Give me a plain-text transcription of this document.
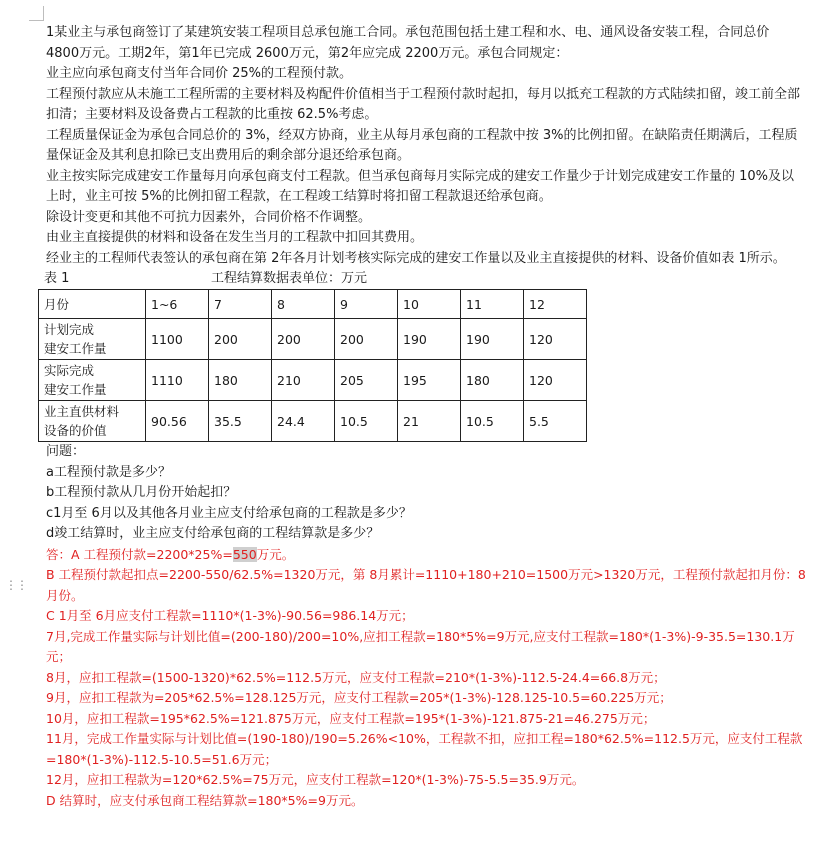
⋮⋮
1某业主与承包商签订了某建筑安装工程项目总承包施工合同。承包范围包括土建工程和水、电、通风设备安装工程，合同总价 4800万元。工期2年，第1年已完成 2600万元，第2年应完成 2200万元。承包合同规定：
业主应向承包商支付当年合同价 25%的工程预付款。
工程预付款应从未施工工程所需的主要材料及构配件价值相当于工程预付款时起扣，每月以抵充工程款的方式陆续扣留，竣工前全部扣清；主要材料及设备费占工程款的比重按 62.5%考虑。
工程质量保证金为承包合同总价的 3%，经双方协商，业主从每月承包商的工程款中按 3%的比例扣留。在缺陷责任期满后，工程质量保证金及其利息扣除已支出费用后的剩余部分退还给承包商。
业主按实际完成建安工作量每月向承包商支付工程款。但当承包商每月实际完成的建安工作量少于计划完成建安工作量的 10%及以上时，业主可按 5%的比例扣留工程款，在工程竣工结算时将扣留工程款退还给承包商。
除设计变更和其他不可抗力因素外，合同价格不作调整。
由业主直接提供的材料和设备在发生当月的工程款中扣回其费用。
经业主的工程师代表签认的承包商在第 2年各月计划考核实际完成的建安工作量以及业主直接提供的材料、设备价值如表 1所示。
表 1	工程结算数据表单位：万元
月份	1~6	7	8	9	10	11	12

计划完成
建安工作量	1100	200	200	200	190	190	120

实际完成
建安工作量	1110	180	210	205	195	180	120

业主直供材料
设备的价值	90.56	35.5	24.4	10.5	21	10.5	5.5
问题：
a工程预付款是多少？
b工程预付款从几月份开始起扣？
c1月至 6月以及其他各月业主应支付给承包商的工程款是多少？
d竣工结算时，业主应支付给承包商的工程结算款是多少？
答：A 工程预付款=2200*25%=550万元。
B 工程预付款起扣点=2200-550/62.5%=1320万元，第 8月累计=1110+180+210=1500万元>1320万元，工程预付款起扣月份：8月份。
C 1月至 6月应支付工程款=1110*(1-3%)-90.56=986.14万元；
7月,完成工作量实际与计划比值=(200-180)/200=10%,应扣工程款=180*5%=9万元,应支付工程款=180*(1-3%)-9-35.5=130.1万元；
8月，应扣工程款=(1500-1320)*62.5%=112.5万元，应支付工程款=210*(1-3%)-112.5-24.4=66.8万元；
9月，应扣工程款为=205*62.5%=128.125万元，应支付工程款=205*(1-3%)-128.125-10.5=60.225万元；
10月，应扣工程款=195*62.5%=121.875万元，应支付工程款=195*(1-3%)-121.875-21=46.275万元；
11月，完成工作量实际与计划比值=(190-180)/190=5.26%<10%，工程款不扣，应扣工程=180*62.5%=112.5万元，应支付工程款=180*(1-3%)-112.5-10.5=51.6万元；
12月，应扣工程款为=120*62.5%=75万元，应支付工程款=120*(1-3%)-75-5.5=35.9万元。
D 结算时，应支付承包商工程结算款=180*5%=9万元。
